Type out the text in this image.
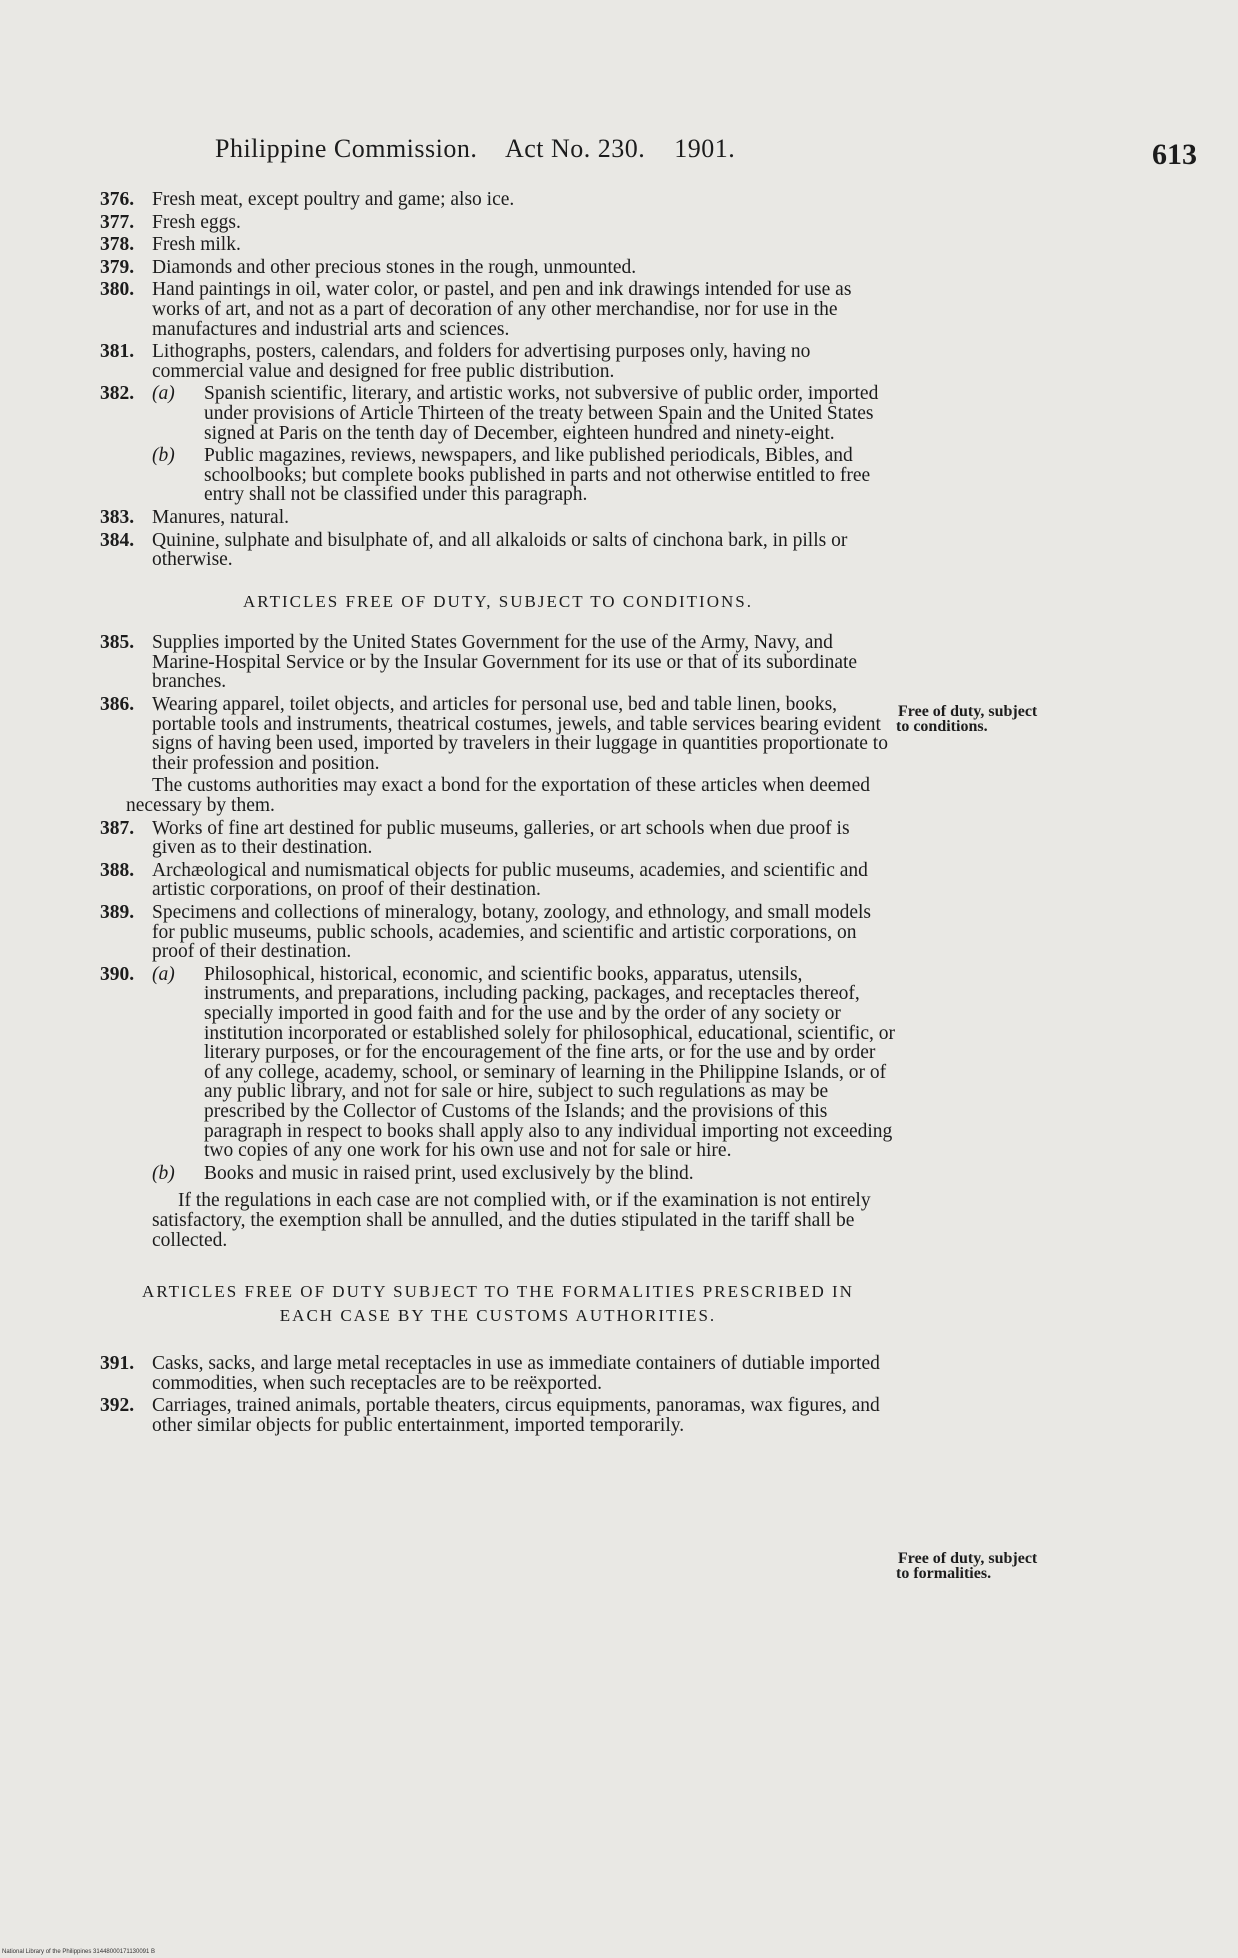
Philippine Commission. Act No. 230. 1901.	613

376. Fresh meat, except poultry and game; also ice.

377. Fresh eggs.

378. Fresh milk.

379. Diamonds and other precious stones in the rough, unmounted.

380. Hand paintings in oil, water color, or pastel, and pen and ink drawings intended for use as works of art, and not as a part of decoration of any other merchandise, nor for use in the manufactures and industrial arts and sciences.

381. Lithographs, posters, calendars, and folders for advertising purposes only, having no commercial value and designed for free public distribution.

382. (a) Spanish scientific, literary, and artistic works, not subversive of public order, imported under provisions of Article Thirteen of the treaty between Spain and the United States signed at Paris on the tenth day of December, eighteen hundred and ninety-eight.

(b) Public magazines, reviews, newspapers, and like published periodicals, Bibles, and schoolbooks; but complete books published in parts and not otherwise entitled to free entry shall not be classified under this paragraph.

383. Manures, natural.

384. Quinine, sulphate and bisulphate of, and all alkaloids or salts of cinchona bark, in pills or otherwise.

ARTICLES FREE OF DUTY, SUBJECT TO CONDITIONS.

385. Supplies imported by the United States Government for the use of the Army, Navy, and Marine-Hospital Service or by the Insular Government for its use or that of its subordinate branches.

386. Wearing apparel, toilet objects, and articles for personal use, bed and table linen, books, portable tools and instruments, theatrical costumes, jewels, and table services bearing evident signs of having been used, imported by travelers in their luggage in quantities proportionate to their profession and position.

The customs authorities may exact a bond for the exportation of these articles when deemed necessary by them.

387. Works of fine art destined for public museums, galleries, or art schools when due proof is given as to their destination.

388. Archæological and numismatical objects for public museums, academies, and scientific and artistic corporations, on proof of their destination.

389. Specimens and collections of mineralogy, botany, zoology, and ethnology, and small models for public museums, public schools, academies, and scientific and artistic corporations, on proof of their destination.

390. (a) Philosophical, historical, economic, and scientific books, apparatus, utensils, instruments, and preparations, including packing, packages, and receptacles thereof, specially imported in good faith and for the use and by the order of any society or institution incorporated or established solely for philosophical, educational, scientific, or literary purposes, or for the encouragement of the fine arts, or for the use and by order of any college, academy, school, or seminary of learning in the Philippine Islands, or of any public library, and not for sale or hire, subject to such regulations as may be prescribed by the Collector of Customs of the Islands; and the provisions of this paragraph in respect to books shall apply also to any individual importing not exceeding two copies of any one work for his own use and not for sale or hire.

(b) Books and music in raised print, used exclusively by the blind.

If the regulations in each case are not complied with, or if the examination is not entirely satisfactory, the exemption shall be annulled, and the duties stipulated in the tariff shall be collected.

ARTICLES FREE OF DUTY SUBJECT TO THE FORMALITIES PRESCRIBED IN
EACH CASE BY THE CUSTOMS AUTHORITIES.

391. Casks, sacks, and large metal receptacles in use as immediate containers of dutiable imported commodities, when such receptacles are to be reëxported.

392. Carriages, trained animals, portable theaters, circus equipments, panoramas, wax figures, and other similar objects for public entertainment, imported temporarily.

Free of duty, subject
to conditions.
Free of duty, subject
to formalities.
National Library of the Philippines 31448000171130091 B
